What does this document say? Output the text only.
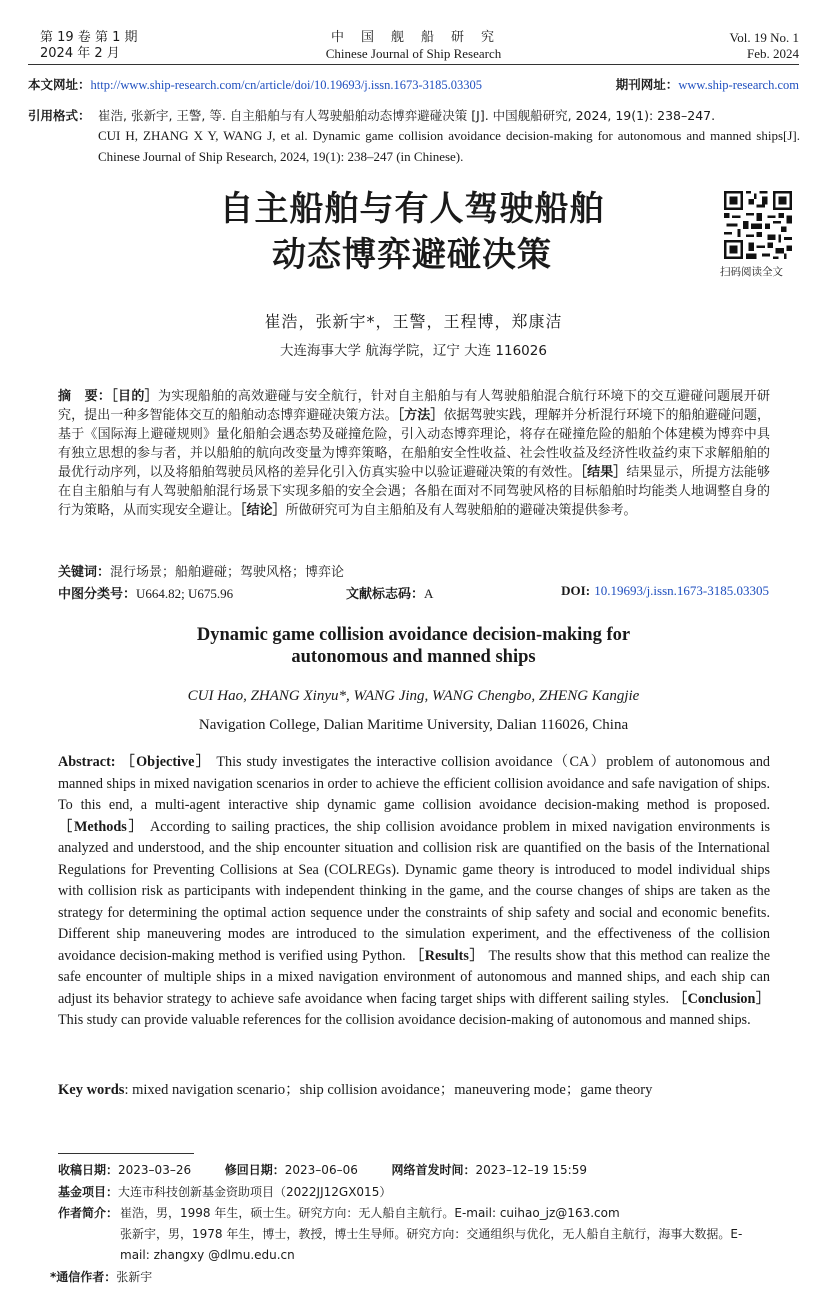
第 19 卷 第 1 期
2024 年 2 月
中　国　舰　船　研　究
Chinese Journal of Ship Research
Vol. 19 No. 1
Feb. 2024
本文网址：http://www.ship-research.com/cn/article/doi/10.19693/j.issn.1673-3185.03305	期刊网址：www.ship-research.com
引用格式： 崔浩, 张新宇, 王警, 等. 自主船舶与有人驾驶船舶动态博弈避碰决策 [J]. 中国舰船研究, 2024, 19(1): 238–247.
CUI H, ZHANG X Y, WANG J, et al. Dynamic game collision avoidance decision-making for autonomous and manned ships[J]. Chinese Journal of Ship Research, 2024, 19(1): 238–247 (in Chinese).
自主船舶与有人驾驶船舶
动态博弈避碰决策	扫码阅读全文
崔浩，张新宇*，王警，王程博，郑康洁
大连海事大学 航海学院，辽宁 大连 116026
摘　要：［目的］为实现船舶的高效避碰与安全航行，针对自主船舶与有人驾驶船舶混合航行环境下的交互避碰问题展开研究，提出一种多智能体交互的船舶动态博弈避碰决策方法。［方法］依据驾驶实践，理解并分析混行环境下的船舶避碰问题，基于《国际海上避碰规则》量化船舶会遇态势及碰撞危险，引入动态博弈理论，将存在碰撞危险的船舶个体建模为博弈中具有独立思想的参与者，并以船舶的航向改变量为博弈策略，在船舶安全性收益、社会性收益及经济性收益约束下求解船舶的最优行动序列，以及将船舶驾驶员风格的差异化引入仿真实验中以验证避碰决策的有效性。［结果］结果显示，所提方法能够在自主船舶与有人驾驶船舶混行场景下实现多船的安全会遇；各船在面对不同驾驶风格的目标船舶时均能类人地调整自身的行为策略，从而实现安全避让。［结论］所做研究可为自主船舶及有人驾驶船舶的避碰决策提供参考。
关键词：混行场景；船舶避碰；驾驶风格；博弈论
中图分类号：U664.82; U675.96	文献标志码：A	DOI: 10.19693/j.issn.1673-3185.03305
Dynamic game collision avoidance decision-making for
autonomous and manned ships
CUI Hao, ZHANG Xinyu*, WANG Jing, WANG Chengbo, ZHENG Kangjie
Navigation College, Dalian Maritime University, Dalian 116026, China
Abstract: ［Objective］ This study investigates the interactive collision avoidance（CA）problem of autonomous and manned ships in mixed navigation scenarios in order to achieve the efficient collision avoidance and safe navigation of ships. To this end, a multi-agent interactive ship dynamic game collision avoidance decision-making method is proposed. ［Methods］ According to sailing practices, the ship collision avoidance problem in mixed navigation environments is analyzed and understood, and the ship encounter situation and collision risk are quantified on the basis of the International Regulations for Preventing Collisions at Sea (COLREGs). Dynamic game theory is introduced to model individual ships with collision risk as participants with independent thinking in the game, and the course changes of ships are taken as the strategy for determining the optimal action sequence under the constraints of ship safety and social and economic benefits. Different ship maneuvering modes are introduced to the simulation experiment, and the effectiveness of the collision avoidance decision-making method is verified using Python. ［Results］ The results show that this method can realize the safe encounter of multiple ships in a mixed navigation environment of autonomous and manned ships, and each ship can adjust its behavior strategy to achieve safe avoidance when facing target ships with different sailing styles. ［Conclusion］ This study can provide valuable references for the collision avoidance decision-making of autonomous and manned ships.
Key words: mixed navigation scenario；ship collision avoidance；maneuvering mode；game theory
收稿日期：2023–03–26	修回日期：2023–06–06	网络首发时间：2023–12–19 15:59
基金项目：大连市科技创新基金资助项目（2022JJ12GX015）
作者简介： 崔浩，男，1998 年生，硕士生。研究方向：无人船自主航行。E-mail: cuihao_jz@163.com
张新宇，男，1978 年生，博士，教授，博士生导师。研究方向：交通组织与优化，无人船自主航行，海事大数据。E-mail: zhangxy @dlmu.edu.cn
*通信作者：张新宇
